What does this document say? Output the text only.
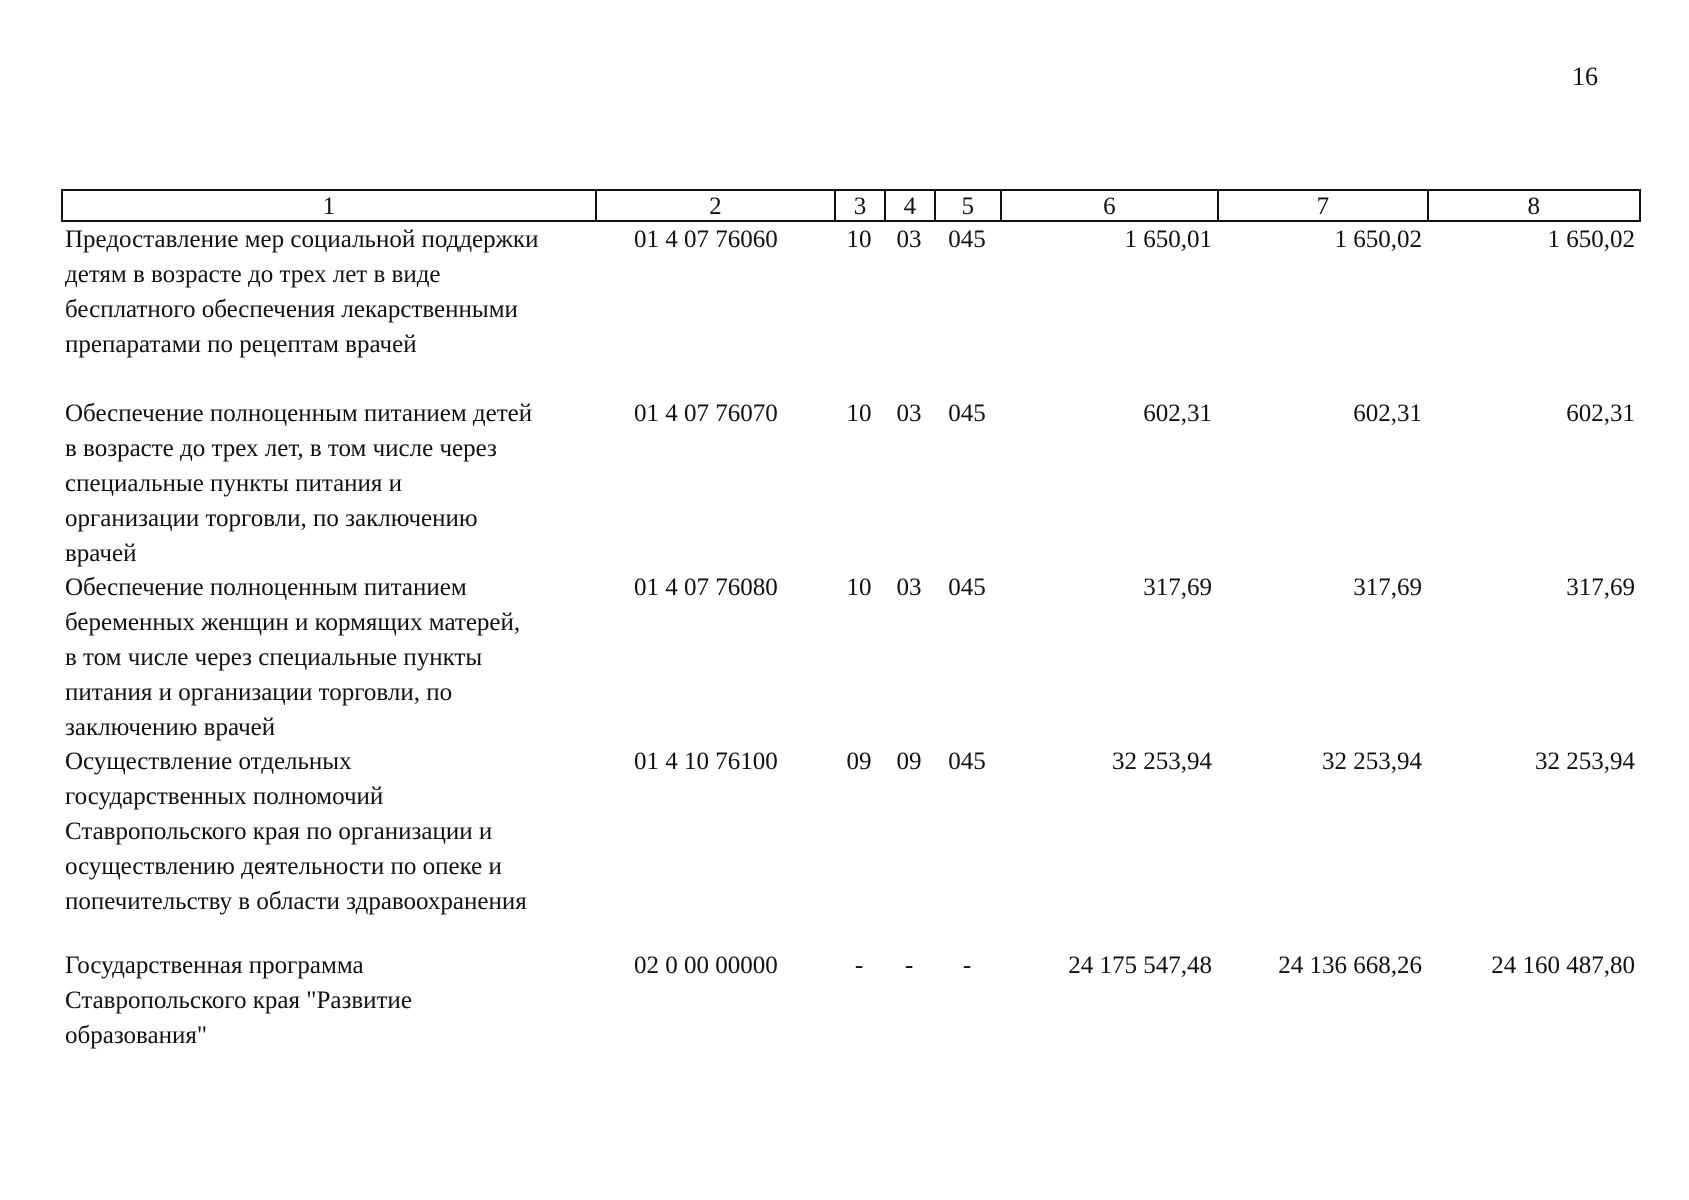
16
1	2	3	4	5	6	7	8
Предоставление мер социальной поддержки
детям в возрасте до трех лет в виде
бесплатного обеспечения лекарственными
препаратами по рецептам врачей
01 4 07 76060	10	03	045	1 650,01	1 650,02	1 650,02
Обеспечение полноценным питанием детей
в возрасте до трех лет, в том числе через
специальные пункты питания и
организации торговли, по заключению
врачей
01 4 07 76070	10	03	045	602,31	602,31	602,31
Обеспечение полноценным питанием
беременных женщин и кормящих матерей,
в том числе через специальные пункты
питания и организации торговли, по
заключению врачей
01 4 07 76080	10	03	045	317,69	317,69	317,69
Осуществление отдельных
государственных полномочий
Ставропольского края по организации и
осуществлению деятельности по опеке и
попечительству в области здравоохранения
01 4 10 76100	09	09	045	32 253,94	32 253,94	32 253,94
Государственная программа
Ставропольского края "Развитие
образования"
02 0 00 00000	-	-	-	24 175 547,48	24 136 668,26	24 160 487,80
